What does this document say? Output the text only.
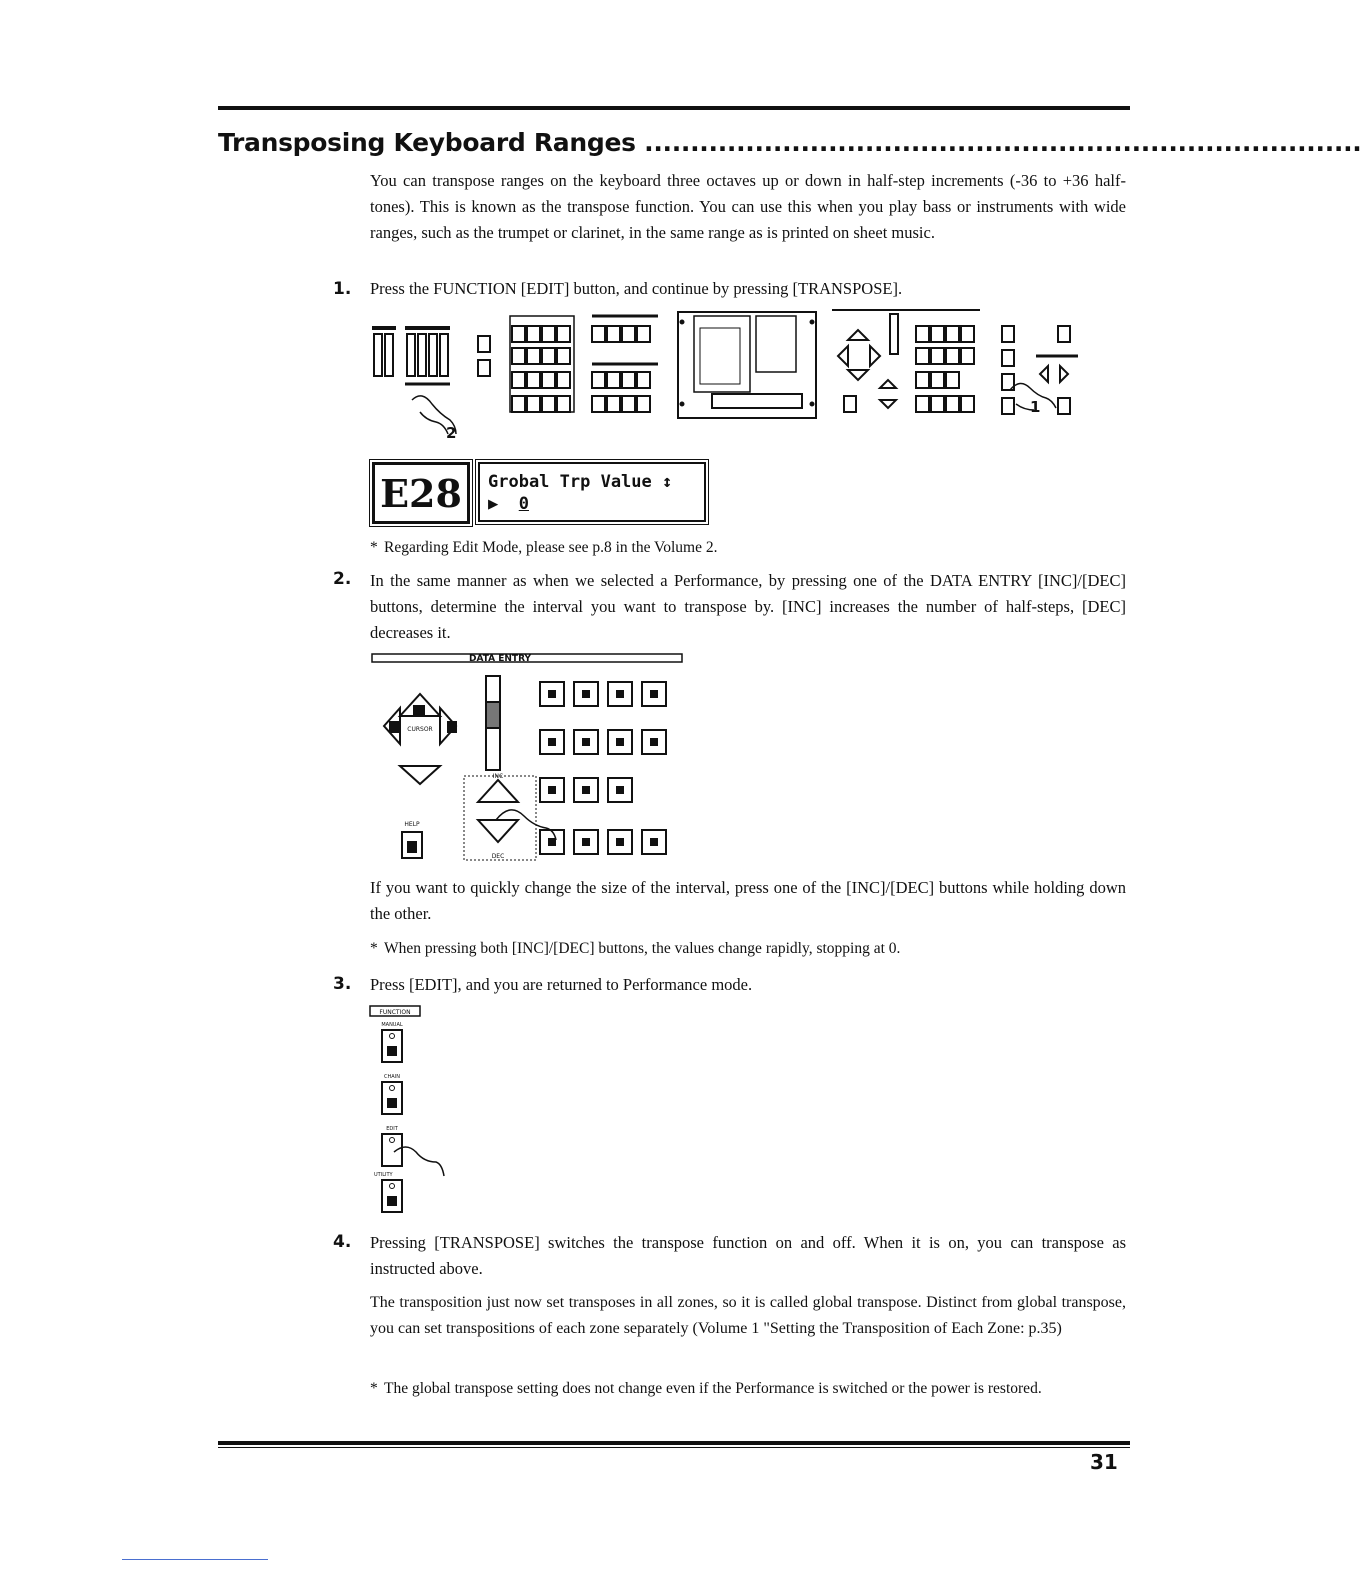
Transposing Keyboard Ranges ..............................................................................
You can transpose ranges on the keyboard three octaves up or down in half-step increments (-36 to +36 half-tones). This is known as the transpose function. You can use this when you play bass or instruments with wide ranges, such as the trumpet or clarinet, in the same range as is printed on sheet music.
1. Press the FUNCTION [EDIT] button, and continue by pressing [TRANSPOSE].
2
1
E28	Grobal Trp Value ↕
▶ 0
* Regarding Edit Mode, please see p.8 in the Volume 2.
2. In the same manner as when we selected a Performance, by pressing one of the DATA ENTRY [INC]/[DEC] buttons, determine the interval you want to transpose by. [INC] increases the number of half-steps, [DEC] decreases it.
DATA ENTRY
CURSOR
INC
DEC
HELP
If you want to quickly change the size of the interval, press one of the [INC]/[DEC] buttons while holding down the other.
* When pressing both [INC]/[DEC] buttons, the values change rapidly, stopping at 0.
3. Press [EDIT], and you are returned to Performance mode.
FUNCTION
MANUAL
CHAIN
EDIT
UTILITY
4. Pressing [TRANSPOSE] switches the transpose function on and off. When it is on, you can transpose as instructed above.
The transposition just now set transposes in all zones, so it is called global transpose. Distinct from global transpose, you can set transpositions of each zone separately (Volume 1 "Setting the Transposition of Each Zone: p.35)
* The global transpose setting does not change even if the Performance is switched or the power is restored.
31
